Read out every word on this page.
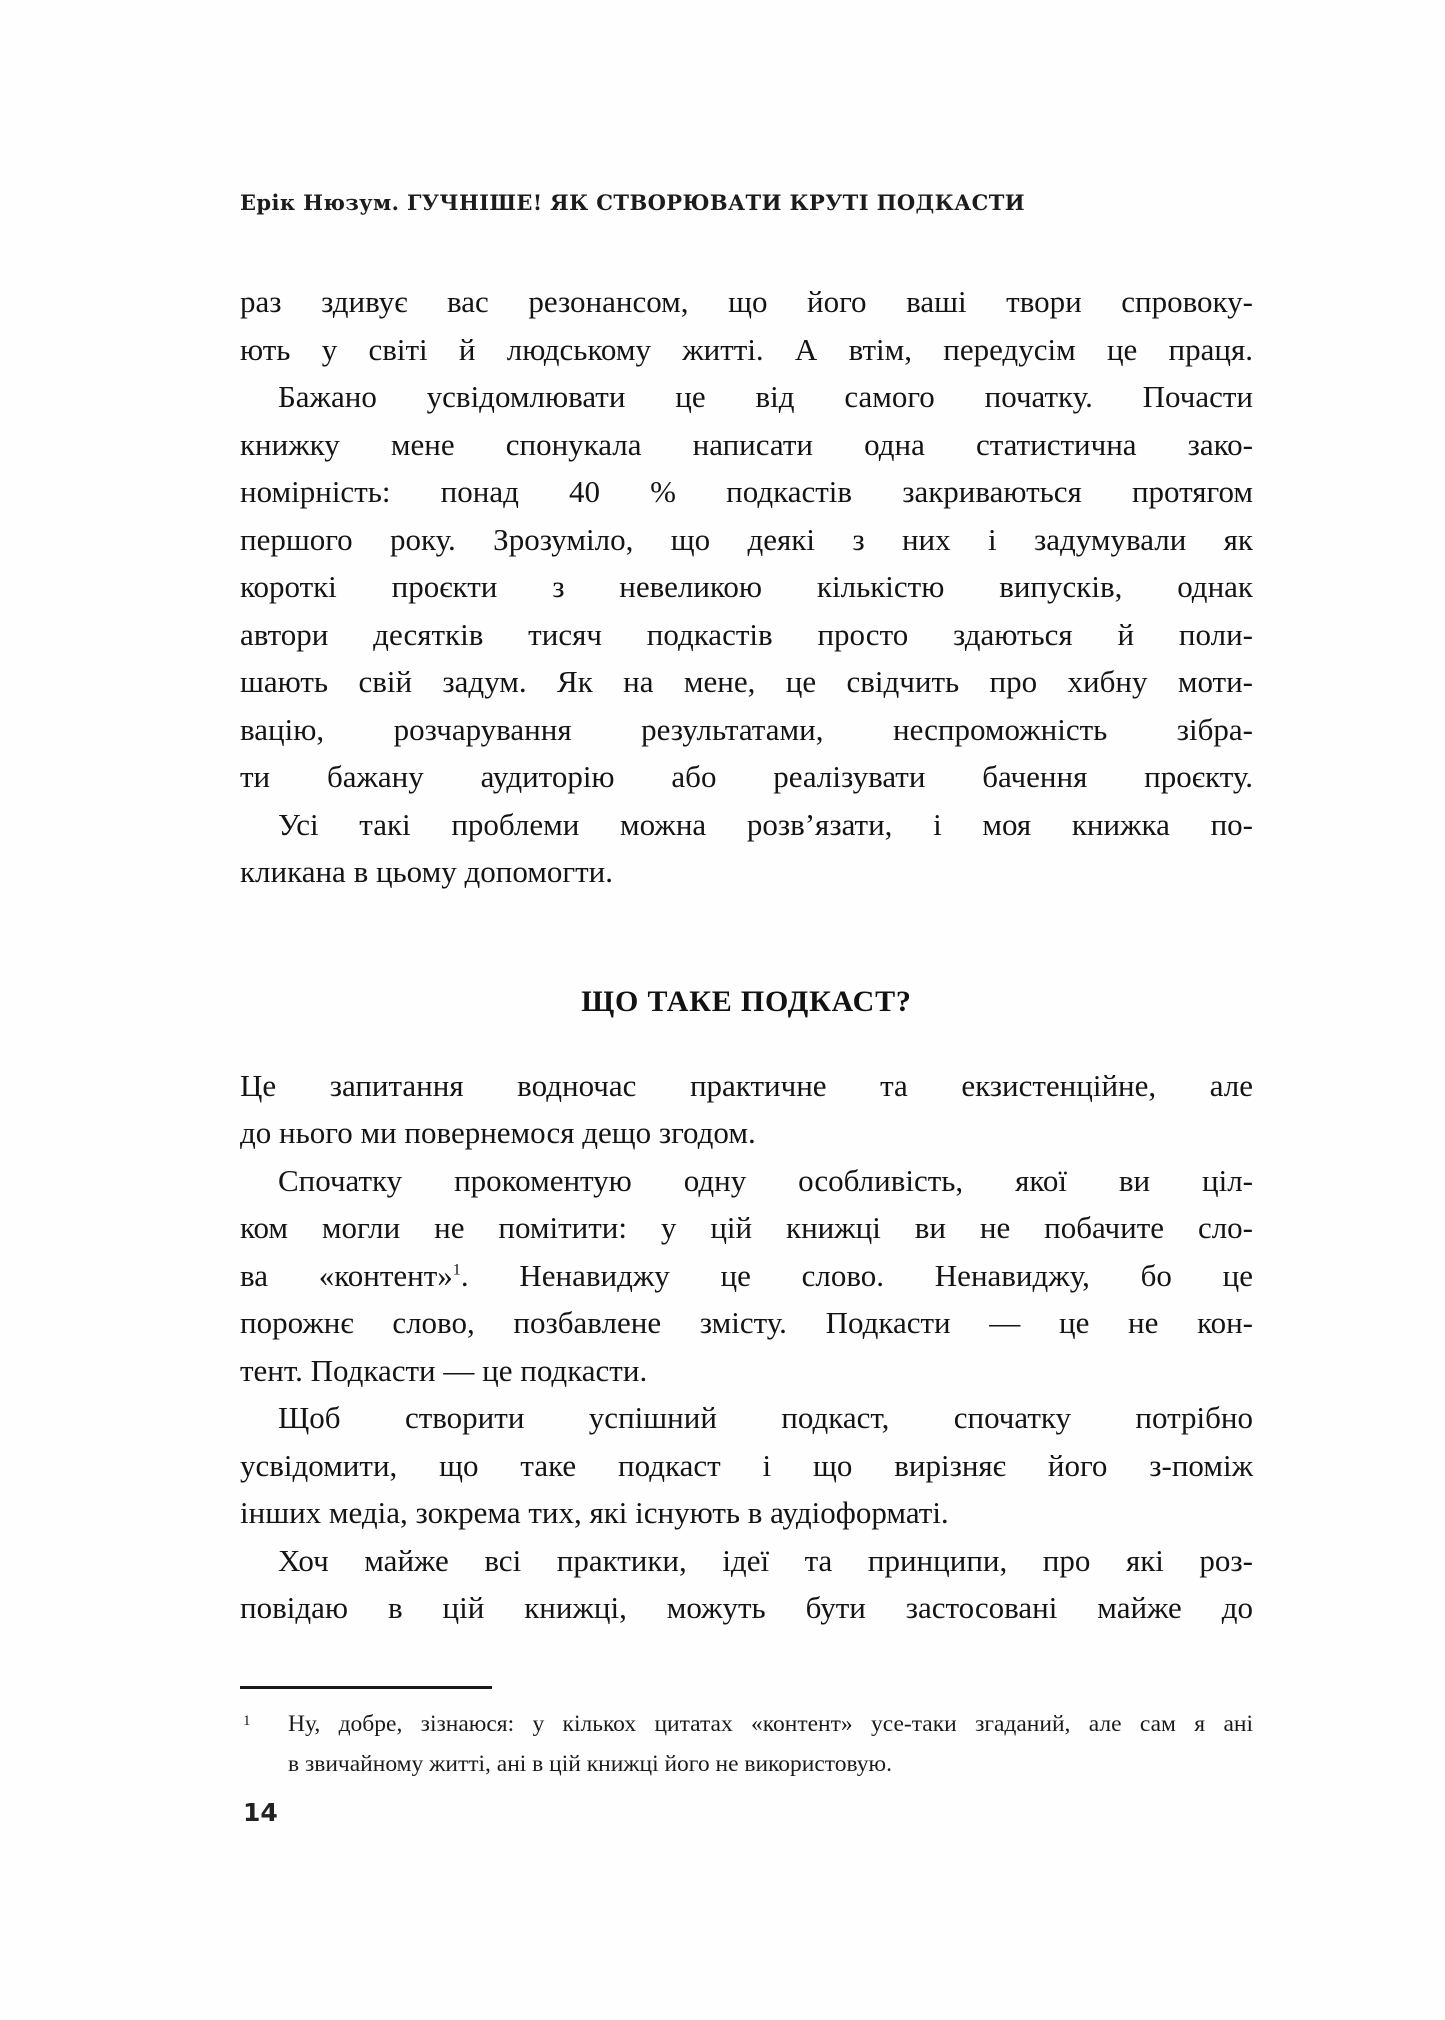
Ерік Нюзум. ГУЧНІШЕ! ЯК СТВОРЮВАТИ КРУТІ ПОДКАСТИ
раз здивує вас резонансом, що його ваші твори спровоку-
ють у світі й людському житті. А втім, передусім це праця.
Бажано усвідомлювати це від самого початку. Почасти
книжку мене спонукала написати одна статистична зако-
номірність: понад 40 % подкастів закриваються протягом
першого року. Зрозуміло, що деякі з них і задумували як
короткі проєкти з невеликою кількістю випусків, однак
автори десятків тисяч подкастів просто здаються й поли-
шають свій задум. Як на мене, це свідчить про хибну моти-
вацію, розчарування результатами, неспроможність зібра-
ти бажану аудиторію або реалізувати бачення проєкту.
Усі такі проблеми можна розв’язати, і моя книжка по-
кликана в цьому допомогти.
ЩО ТАКЕ ПОДКАСТ?
Це запитання водночас практичне та екзистенційне, але
до нього ми повернемося дещо згодом.
Спочатку прокоментую одну особливість, якої ви ціл-
ком могли не помітити: у цій книжці ви не побачите сло-
ва «контент»$^1$. Ненавиджу це слово. Ненавиджу, бо це
порожнє слово, позбавлене змісту. Подкасти — це не кон-
тент. Подкасти — це подкасти.
Щоб створити успішний подкаст, спочатку потрібно
усвідомити, що таке подкаст і що вирізняє його з-поміж
інших медіа, зокрема тих, які існують в аудіоформаті.
Хоч майже всі практики, ідеї та принципи, про які роз-
повідаю в цій книжці, можуть бути застосовані майже до
1 Ну, добре, зізнаюся: у кількох цитатах «контент» усе-таки згаданий, але сам я ані
в звичайному житті, ані в цій книжці його не використовую.
14
